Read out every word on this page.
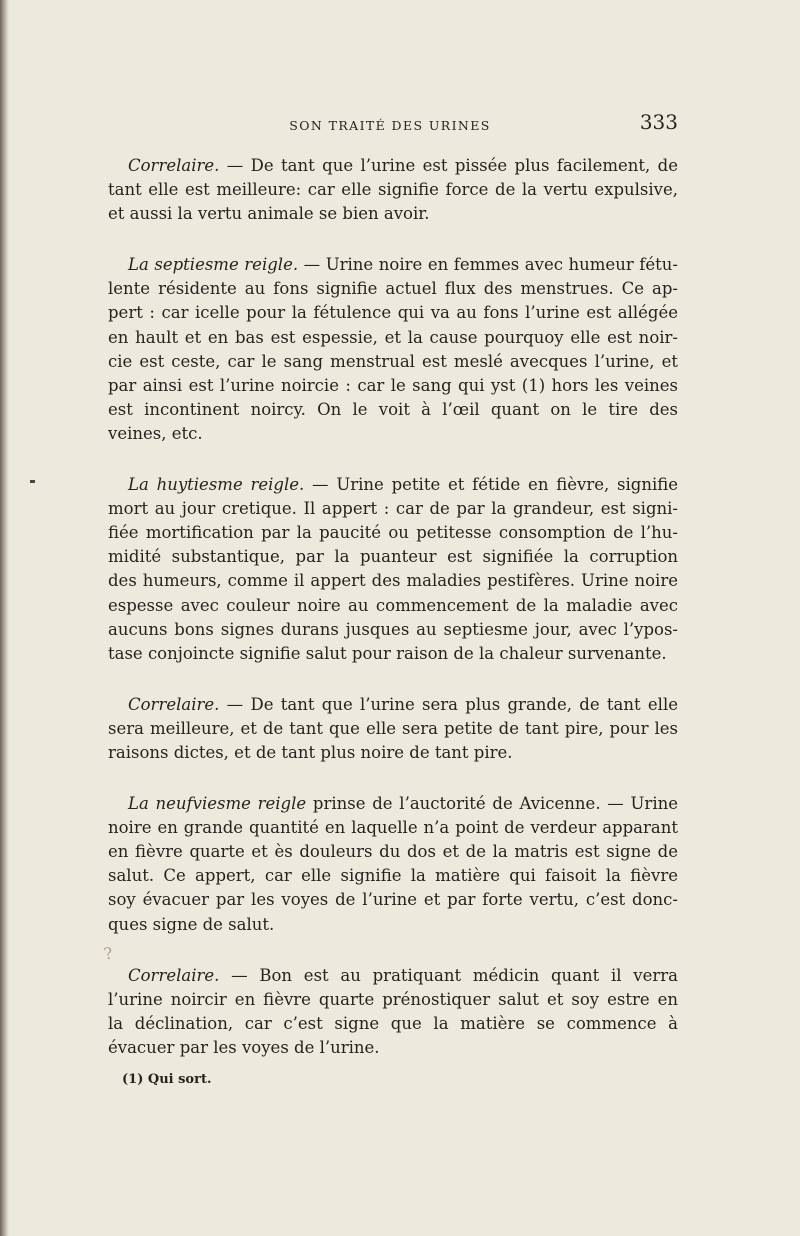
SON TRAITÉ DES URINES	333
Correlaire. — De tant que l’urine est pissée plus facilement, de
tant elle est meilleure: car elle signifie force de la vertu expulsive,
et aussi la vertu animale se bien avoir.
La septiesme reigle. — Urine noire en femmes avec humeur fétu-
lente résidente au fons signifie actuel flux des menstrues. Ce ap-
pert : car icelle pour la fétulence qui va au fons l’urine est allégée
en hault et en bas est espessie, et la cause pourquoy elle est noir-
cie est ceste, car le sang menstrual est meslé avecques l’urine, et
par ainsi est l’urine noircie : car le sang qui yst (1) hors les veines
est incontinent noircy. On le voit à l’œil quant on le tire des
veines, etc.
La huytiesme reigle. — Urine petite et fétide en fièvre, signifie
mort au jour cretique. Il appert : car de par la grandeur, est signi-
fiée mortification par la paucité ou petitesse consomption de l’hu-
midité substantique, par la puanteur est signifiée la corruption
des humeurs, comme il appert des maladies pestifères. Urine noire
espesse avec couleur noire au commencement de la maladie avec
aucuns bons signes durans jusques au septiesme jour, avec l’ypos-
tase conjoincte signifie salut pour raison de la chaleur survenante.
Correlaire. — De tant que l’urine sera plus grande, de tant elle
sera meilleure, et de tant que elle sera petite de tant pire, pour les
raisons dictes, et de tant plus noire de tant pire.
La neufviesme reigle prinse de l’auctorité de Avicenne. — Urine
noire en grande quantité en laquelle n’a point de verdeur apparant
en fièvre quarte et ès douleurs du dos et de la matris est signe de
salut. Ce appert, car elle signifie la matière qui faisoit la fièvre
soy évacuer par les voyes de l’urine et par forte vertu, c’est donc-
ques signe de salut.
Correlaire. — Bon est au pratiquant médicin quant il verra
l’urine noircir en fièvre quarte prénostiquer salut et soy estre en
la déclination, car c’est signe que la matière se commence à
évacuer par les voyes de l’urine.
?
(1) Qui sort.
